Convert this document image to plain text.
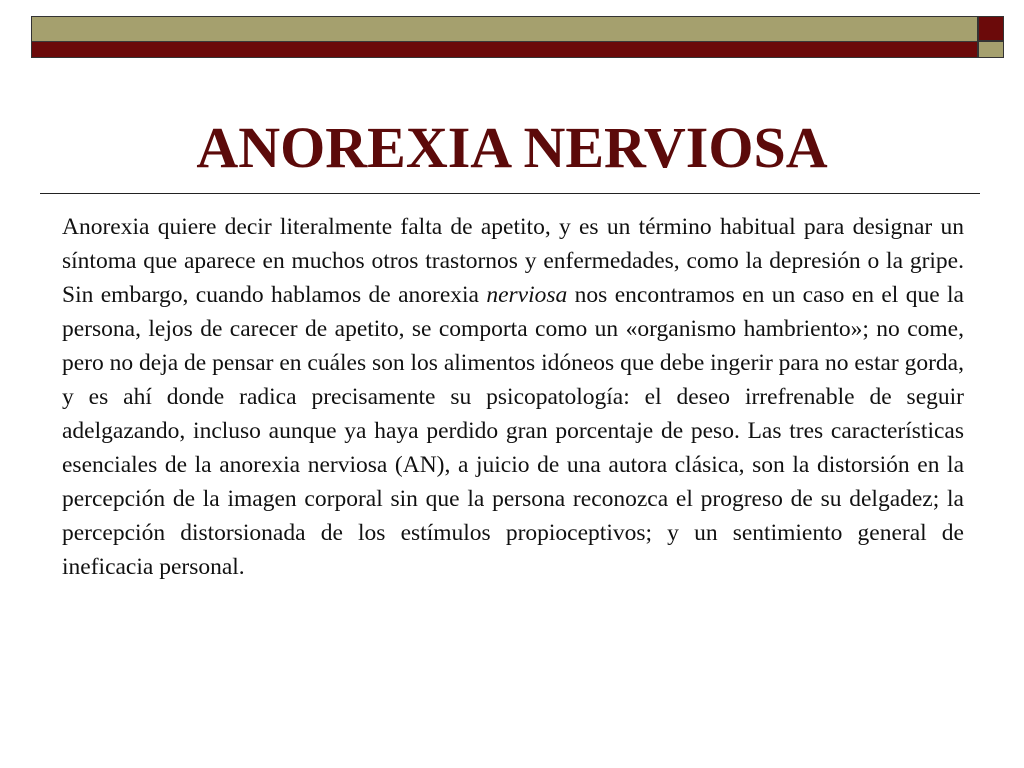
ANOREXIA NERVIOSA

Anorexia quiere decir literalmente falta de apetito, y es un término habitual para designar un síntoma que aparece en muchos otros trastornos y enfermedades, como la depresión o la gripe. Sin embargo, cuando hablamos de anorexia nerviosa nos encontramos en un caso en el que la persona, lejos de carecer de apetito, se comporta como un «organismo hambriento»; no come, pero no deja de pensar en cuáles son los alimentos idóneos que debe ingerir para no estar gorda, y es ahí donde radica precisamente su psicopatología: el deseo irrefrenable de seguir adelgazando, incluso aunque ya haya perdido gran porcentaje de peso. Las tres características esenciales de la anorexia nerviosa (AN), a juicio de una autora clásica, son la distorsión en la percepción de la imagen corporal sin que la persona reconozca el progreso de su delgadez; la percepción distorsionada de los estímulos propioceptivos; y un sentimiento general de ineficacia personal.
